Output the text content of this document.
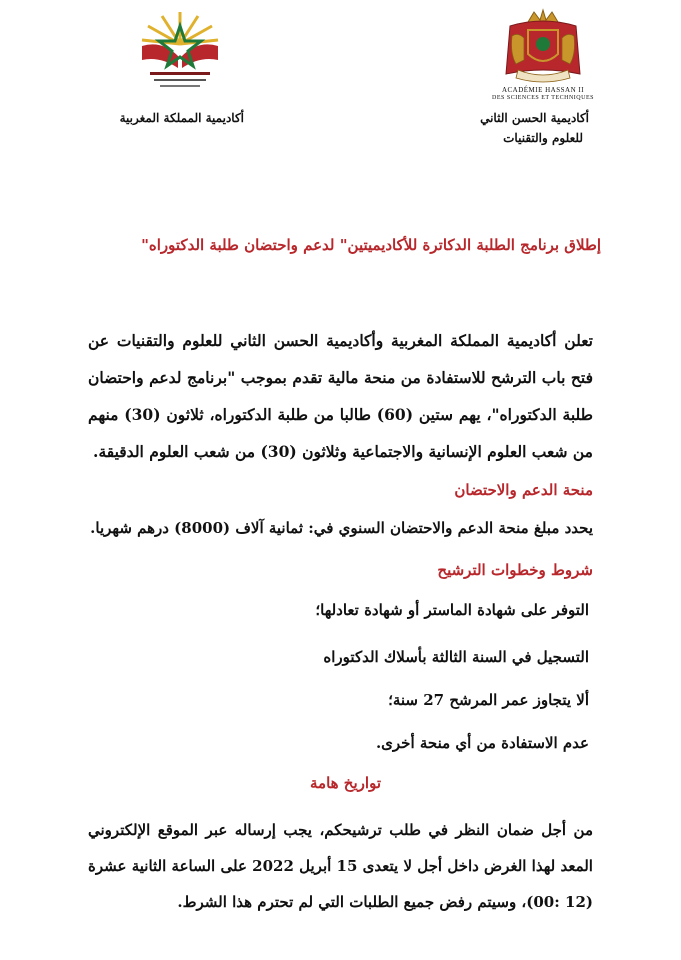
ACADÉMIE HASSAN II
DES SCIENCES ET TECHNIQUES
أكاديمية الحسن الثاني
للعلوم والتقنيات
أكاديمية المملكة المغربية
إطلاق برنامج الطلبة الدكاترة للأكاديميتين" لدعم واحتضان طلبة الدكتوراه"
تعلن أكاديمية المملكة المغربية وأكاديمية الحسن الثاني للعلوم والتقنيات عن فتح باب الترشح للاستفادة من منحة مالية تقدم بموجب "برنامج لدعم واحتضان طلبة الدكتوراه"، يهم ستين (60) طالبا من طلبة الدكتوراه، ثلاثون (30) منهم من شعب العلوم الإنسانية والاجتماعية وثلاثون (30) من شعب العلوم الدقيقة.
منحة الدعم والاحتضان
يحدد مبلغ منحة الدعم والاحتضان السنوي في: ثمانية آلاف (8000) درهم شهريا.
شروط وخطوات الترشيح
التوفر على شهادة الماستر أو شهادة تعادلها؛
التسجيل في السنة الثالثة بأسلاك الدكتوراه
ألا يتجاوز عمر المرشح 27 سنة؛
عدم الاستفادة من أي منحة أخرى.
تواريخ هامة
من أجل ضمان النظر في طلب ترشيحكم، يجب إرساله عبر الموقع الإلكتروني المعد لهذا الغرض داخل أجل لا يتعدى 15 أبريل 2022 على الساعة الثانية عشرة (12 :00)، وسيتم رفض جميع الطلبات التي لم تحترم هذا الشرط.
